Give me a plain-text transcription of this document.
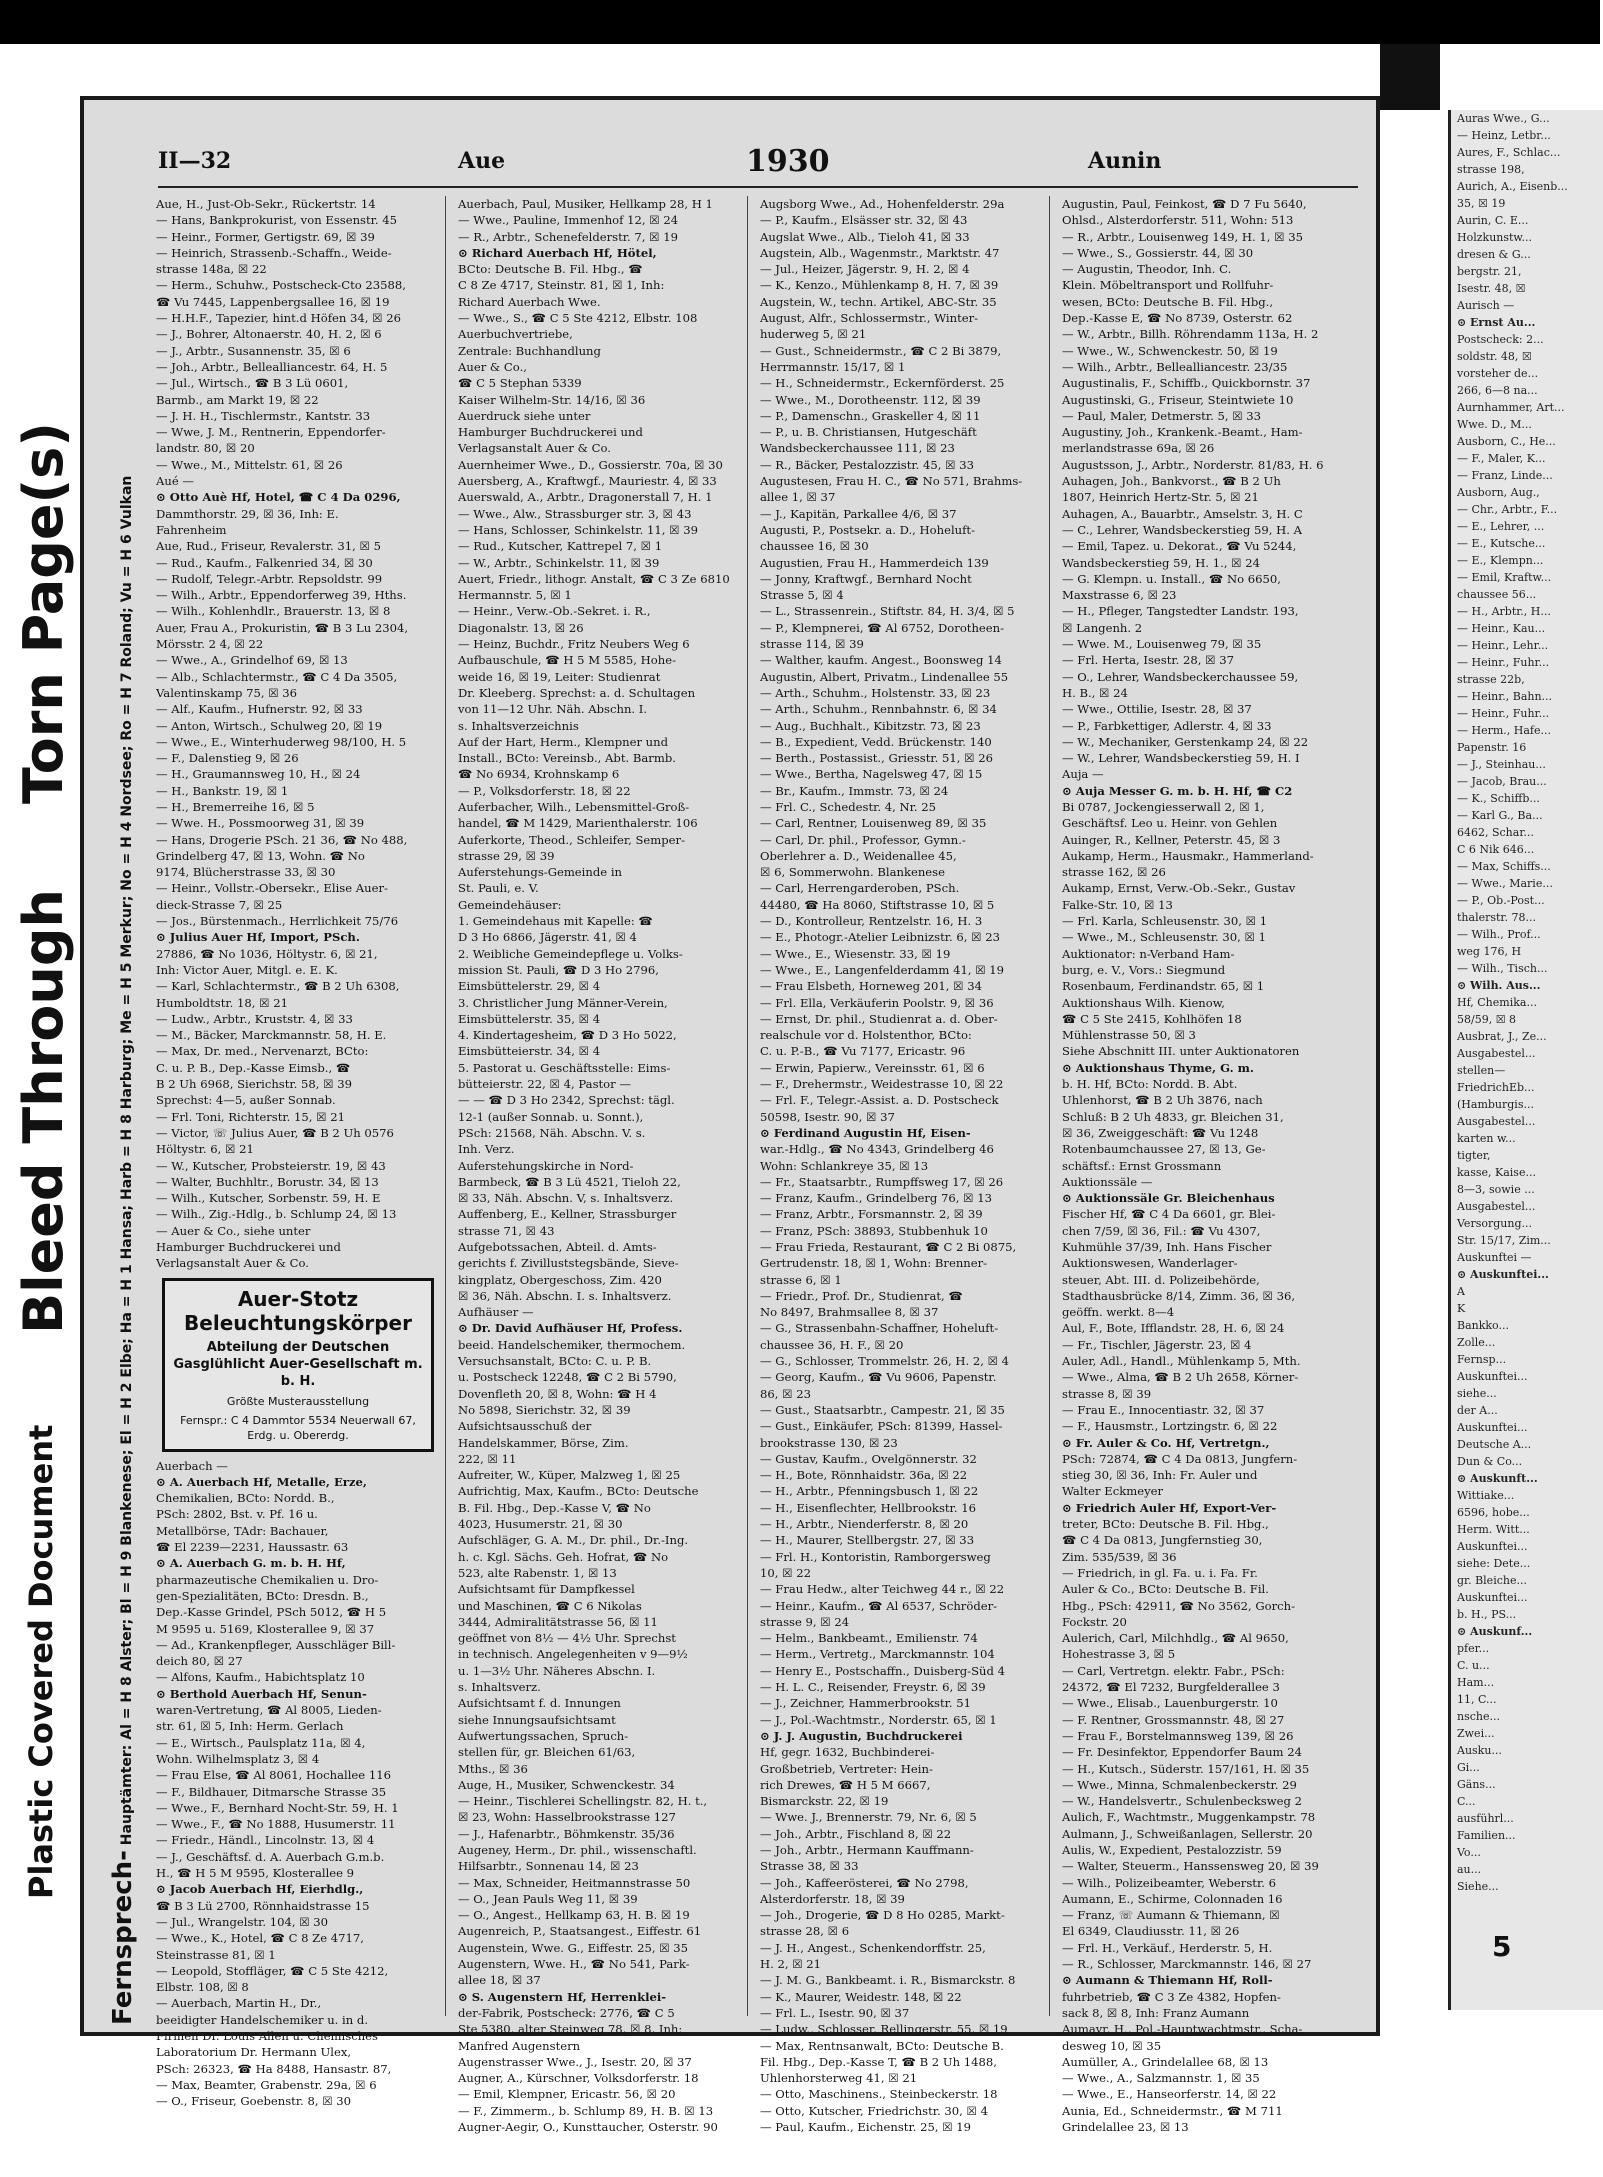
Torn Page(s)
Bleed Through
Plastic Covered Document
Fernsprech- Hauptämter: Al = H 8 Alster; Bl = H 9 Blankenese; El = H 2 Elbe; Ha = H 1 Hansa; Harb = H 8 Harburg; Me = H 5 Merkur; No = H 4 Nordsee; Ro = H 7 Roland; Vu = H 6 Vulkan
II—32	Aue	1930	Aunin
Aue, H., Just-Ob-Sekr., Rückertstr. 14
— Hans, Bankprokurist, von Essenstr. 45
— Heinr., Former, Gertigstr. 69, ☒ 39
— Heinrich, Strassenb.-Schaffn., Weide-
strasse 148a, ☒ 22
— Herm., Schuhw., Postscheck-Cto 23588,
☎ Vu 7445, Lappenbergsallee 16, ☒ 19
— H.H.F., Tapezier, hint.d Höfen 34, ☒ 26
— J., Bohrer, Altonaerstr. 40, H. 2, ☒ 6
— J., Arbtr., Susannenstr. 35, ☒ 6
— Joh., Arbtr., Bellealliancestr. 64, H. 5
— Jul., Wirtsch., ☎ B 3 Lü 0601,
Barmb., am Markt 19, ☒ 22
— J. H. H., Tischlermstr., Kantstr. 33
— Wwe, J. M., Rentnerin, Eppendorfer-
landstr. 80, ☒ 20
— Wwe., M., Mittelstr. 61, ☒ 26
Aué —
⊙ Otto Auè Hf, Hotel, ☎ C 4 Da 0296,
Dammthorstr. 29, ☒ 36, Inh: E.
Fahrenheim
Aue, Rud., Friseur, Revalerstr. 31, ☒ 5
— Rud., Kaufm., Falkenried 34, ☒ 30
— Rudolf, Telegr.-Arbtr. Repsoldstr. 99
— Wilh., Arbtr., Eppendorferweg 39, Hths.
— Wilh., Kohlenhdlr., Brauerstr. 13, ☒ 8
Auer, Frau A., Prokuristin, ☎ B 3 Lu 2304,
Mörsstr. 2 4, ☒ 22
— Wwe., A., Grindelhof 69, ☒ 13
— Alb., Schlachtermstr., ☎ C 4 Da 3505,
Valentinskamp 75, ☒ 36
— Alf., Kaufm., Hufnerstr. 92, ☒ 33
— Anton, Wirtsch., Schulweg 20, ☒ 19
— Wwe., E., Winterhuderweg 98/100, H. 5
— F., Dalenstieg 9, ☒ 26
— H., Graumannsweg 10, H., ☒ 24
— H., Bankstr. 19, ☒ 1
— H., Bremerreihe 16, ☒ 5
— Wwe. H., Possmoorweg 31, ☒ 39
— Hans, Drogerie PSch. 21 36, ☎ No 488,
Grindelberg 47, ☒ 13, Wohn. ☎ No
9174, Blücherstrasse 33, ☒ 30
— Heinr., Vollstr.-Obersekr., Elise Auer-
dieck-Strasse 7, ☒ 25
— Jos., Bürstenmach., Herrlichkeit 75/76
⊙ Julius Auer Hf, Import, PSch.
27886, ☎ No 1036, Höltystr. 6, ☒ 21,
Inh: Victor Auer, Mitgl. e. E. K.
— Karl, Schlachtermstr., ☎ B 2 Uh 6308,
Humboldtstr. 18, ☒ 21
— Ludw., Arbtr., Kruststr. 4, ☒ 33
— M., Bäcker, Marckmannstr. 58, H. E.
— Max, Dr. med., Nervenarzt, BCto:
C. u. P. B., Dep.-Kasse Eimsb., ☎
B 2 Uh 6968, Sierichstr. 58, ☒ 39
Sprechst: 4—5, außer Sonnab.
— Frl. Toni, Richterstr. 15, ☒ 21
— Victor, ☏ Julius Auer, ☎ B 2 Uh 0576
Höltystr. 6, ☒ 21
— W., Kutscher, Probsteierstr. 19, ☒ 43
— Walter, Buchhltr., Borustr. 34, ☒ 13
— Wilh., Kutscher, Sorbenstr. 59, H. E
— Wilh., Zig.-Hdlg., b. Schlump 24, ☒ 13
— Auer & Co., siehe unter
Hamburger Buchdruckerei und
Verlagsanstalt Auer & Co.
Auer-Stotz
Beleuchtungskörper
Abteilung der Deutschen Gasglühlicht Auer-Gesellschaft m. b. H.
Größte Musterausstellung
Fernspr.: C 4 Dammtor 5534 Neuerwall 67, Erdg. u. Obererdg.
Auerbach —
⊙ A. Auerbach Hf, Metalle, Erze,
Chemikalien, BCto: Nordd. B.,
PSch: 2802, Bst. v. Pf. 16 u.
Metallbörse, TAdr: Bachauer,
☎ El 2239—2231, Haussastr. 63
⊙ A. Auerbach G. m. b. H. Hf,
pharmazeutische Chemikalien u. Dro-
gen-Spezialitäten, BCto: Dresdn. B.,
Dep.-Kasse Grindel, PSch 5012, ☎ H 5
M 9595 u. 5169, Klosterallee 9, ☒ 37
— Ad., Krankenpfleger, Ausschläger Bill-
deich 80, ☒ 27
— Alfons, Kaufm., Habichtsplatz 10
⊙ Berthold Auerbach Hf, Senun-
waren-Vertretung, ☎ Al 8005, Lieden-
str. 61, ☒ 5, Inh: Herm. Gerlach
— E., Wirtsch., Paulsplatz 11a, ☒ 4,
Wohn. Wilhelmsplatz 3, ☒ 4
— Frau Else, ☎ Al 8061, Hochallee 116
— F., Bildhauer, Ditmarsche Strasse 35
— Wwe., F., Bernhard Nocht-Str. 59, H. 1
— Wwe., F., ☎ No 1888, Husumerstr. 11
— Friedr., Händl., Lincolnstr. 13, ☒ 4
— J., Geschäftsf. d. A. Auerbach G.m.b.
H., ☎ H 5 M 9595, Klosterallee 9
⊙ Jacob Auerbach Hf, Eierhdlg.,
☎ B 3 Lü 2700, Rönnhaidstrasse 15
— Jul., Wrangelstr. 104, ☒ 30
— Wwe., K., Hotel, ☎ C 8 Ze 4717,
Steinstrasse 81, ☒ 1
— Leopold, Stoffläger, ☎ C 5 Ste 4212,
Elbstr. 108, ☒ 8
— Auerbach, Martin H., Dr.,
beeidigter Handelschemiker u. in d.
Firmen Dr. Louis Allen u. Chemisches
Laboratorium Dr. Hermann Ulex,
PSch: 26323, ☎ Ha 8488, Hansastr. 87,
— Max, Beamter, Grabenstr. 29a, ☒ 6
— O., Friseur, Goebenstr. 8, ☒ 30
Auerbach, Paul, Musiker, Hellkamp 28, H 1
— Wwe., Pauline, Immenhof 12, ☒ 24
— R., Arbtr., Schenefelderstr. 7, ☒ 19
⊙ Richard Auerbach Hf, Hötel,
BCto: Deutsche B. Fil. Hbg., ☎
C 8 Ze 4717, Steinstr. 81, ☒ 1, Inh:
Richard Auerbach Wwe.
— Wwe., S., ☎ C 5 Ste 4212, Elbstr. 108
Auerbuchvertriebe,
Zentrale: Buchhandlung
Auer & Co.,
☎ C 5 Stephan 5339
Kaiser Wilhelm-Str. 14/16, ☒ 36
Auerdruck siehe unter
Hamburger Buchdruckerei und
Verlagsanstalt Auer & Co.
Auernheimer Wwe., D., Gossierstr. 70a, ☒ 30
Auersberg, A., Kraftwgf., Mauriestr. 4, ☒ 33
Auerswald, A., Arbtr., Dragonerstall 7, H. 1
— Wwe., Alw., Strassburger str. 3, ☒ 43
— Hans, Schlosser, Schinkelstr. 11, ☒ 39
— Rud., Kutscher, Kattrepel 7, ☒ 1
— W., Arbtr., Schinkelstr. 11, ☒ 39
Auert, Friedr., lithogr. Anstalt, ☎ C 3 Ze 6810
Hermannstr. 5, ☒ 1
— Heinr., Verw.-Ob.-Sekret. i. R.,
Diagonalstr. 13, ☒ 26
— Heinz, Buchdr., Fritz Neubers Weg 6
Aufbauschule, ☎ H 5 M 5585, Hohe-
weide 16, ☒ 19, Leiter: Studienrat
Dr. Kleeberg. Sprechst: a. d. Schultagen
von 11—12 Uhr. Näh. Abschn. I.
s. Inhaltsverzeichnis
Auf der Hart, Herm., Klempner und
Install., BCto: Vereinsb., Abt. Barmb.
☎ No 6934, Krohnskamp 6
— P., Volksdorferstr. 18, ☒ 22
Auferbacher, Wilh., Lebensmittel-Groß-
handel, ☎ M 1429, Marienthalerstr. 106
Auferkorte, Theod., Schleifer, Semper-
strasse 29, ☒ 39
Auferstehungs-Gemeinde in
St. Pauli, e. V.
Gemeindehäuser:
1. Gemeindehaus mit Kapelle: ☎
D 3 Ho 6866, Jägerstr. 41, ☒ 4
2. Weibliche Gemeindepflege u. Volks-
mission St. Pauli, ☎ D 3 Ho 2796,
Eimsbüttelerstr. 29, ☒ 4
3. Christlicher Jung Männer-Verein,
Eimsbüttelerstr. 35, ☒ 4
4. Kindertagesheim, ☎ D 3 Ho 5022,
Eimsbütteierstr. 34, ☒ 4
5. Pastorat u. Geschäftsstelle: Eims-
bütteierstr. 22, ☒ 4, Pastor —
— — ☎ D 3 Ho 2342, Sprechst: tägl.
12-1 (außer Sonnab. u. Sonnt.),
PSch: 21568, Näh. Abschn. V. s.
Inh. Verz.
Auferstehungskirche in Nord-
Barmbeck, ☎ B 3 Lü 4521, Tieloh 22,
☒ 33, Näh. Abschn. V, s. Inhaltsverz.
Auffenberg, E., Kellner, Strassburger
strasse 71, ☒ 43
Aufgebotssachen, Abteil. d. Amts-
gerichts f. Zivilluststegsbände, Sieve-
kingplatz, Obergeschoss, Zim. 420
☒ 36, Näh. Abschn. I. s. Inhaltsverz.
Aufhäuser —
⊙ Dr. David Aufhäuser Hf, Profess.
beeid. Handelschemiker, thermochem.
Versuchsanstalt, BCto: C. u. P. B.
u. Postscheck 12248, ☎ C 2 Bi 5790,
Dovenfleth 20, ☒ 8, Wohn: ☎ H 4
No 5898, Sierichstr. 32, ☒ 39
Aufsichtsausschuß der
Handelskammer, Börse, Zim.
222, ☒ 11
Aufreiter, W., Küper, Malzweg 1, ☒ 25
Aufrichtig, Max, Kaufm., BCto: Deutsche
B. Fil. Hbg., Dep.-Kasse V, ☎ No
4023, Husumerstr. 21, ☒ 30
Aufschläger, G. A. M., Dr. phil., Dr.-Ing.
h. c. Kgl. Sächs. Geh. Hofrat, ☎ No
523, alte Rabenstr. 1, ☒ 13
Aufsichtsamt für Dampfkessel
und Maschinen, ☎ C 6 Nikolas
3444, Admiralitätstrasse 56, ☒ 11
geöffnet von 8½ — 4½ Uhr. Sprechst
in technisch. Angelegenheiten v 9—9½
u. 1—3½ Uhr. Näheres Abschn. I.
s. Inhaltsverz.
Aufsichtsamt f. d. Innungen
siehe Innungsaufsichtsamt
Aufwertungssachen, Spruch-
stellen für, gr. Bleichen 61/63,
Mths., ☒ 36
Auge, H., Musiker, Schwenckestr. 34
— Heinr., Tischlerei Schellingstr. 82, H. t.,
☒ 23, Wohn: Hasselbrookstrasse 127
— J., Hafenarbtr., Böhmkenstr. 35/36
Augeney, Herm., Dr. phil., wissenschaftl.
Hilfsarbtr., Sonnenau 14, ☒ 23
— Max, Schneider, Heitmannstrasse 50
— O., Jean Pauls Weg 11, ☒ 39
— O., Angest., Hellkamp 63, H. B. ☒ 19
Augenreich, P., Staatsangest., Eiffestr. 61
Augenstein, Wwe. G., Eiffestr. 25, ☒ 35
Augenstern, Wwe. H., ☎ No 541, Park-
allee 18, ☒ 37
⊙ S. Augenstern Hf, Herrenklei-
der-Fabrik, Postscheck: 2776, ☎ C 5
Ste 5380, alter Steinweg 78, ☒ 8, Inh:
Manfred Augenstern
Augenstrasser Wwe., J., Isestr. 20, ☒ 37
Augner, A., Kürschner, Volksdorferstr. 18
— Emil, Klempner, Ericastr. 56, ☒ 20
— F., Zimmerm., b. Schlump 89, H. B. ☒ 13
Augner-Aegir, O., Kunsttaucher, Osterstr. 90
Augsborg Wwe., Ad., Hohenfelderstr. 29a
— P., Kaufm., Elsässer str. 32, ☒ 43
Augslat Wwe., Alb., Tieloh 41, ☒ 33
Augstein, Alb., Wagenmstr., Marktstr. 47
— Jul., Heizer, Jägerstr. 9, H. 2, ☒ 4
— K., Kenzo., Mühlenkamp 8, H. 7, ☒ 39
Augstein, W., techn. Artikel, ABC-Str. 35
August, Alfr., Schlossermstr., Winter-
huderweg 5, ☒ 21
— Gust., Schneidermstr., ☎ C 2 Bi 3879,
Herrmannstr. 15/17, ☒ 1
— H., Schneidermstr., Eckernförderst. 25
— Wwe., M., Dorotheenstr. 112, ☒ 39
— P., Damenschn., Graskeller 4, ☒ 11
— P., u. B. Christiansen, Hutgeschäft
Wandsbeckerchaussee 111, ☒ 23
— R., Bäcker, Pestalozzistr. 45, ☒ 33
Augustesen, Frau H. C., ☎ No 571, Brahms-
allee 1, ☒ 37
— J., Kapitän, Parkallee 4/6, ☒ 37
Augusti, P., Postsekr. a. D., Hoheluft-
chaussee 16, ☒ 30
Augustien, Frau H., Hammerdeich 139
— Jonny, Kraftwgf., Bernhard Nocht
Strasse 5, ☒ 4
— L., Strassenrein., Stiftstr. 84, H. 3/4, ☒ 5
— P., Klempnerei, ☎ Al 6752, Dorotheen-
strasse 114, ☒ 39
— Walther, kaufm. Angest., Boonsweg 14
Augustin, Albert, Privatm., Lindenallee 55
— Arth., Schuhm., Holstenstr. 33, ☒ 23
— Arth., Schuhm., Rennbahnstr. 6, ☒ 34
— Aug., Buchhalt., Kibitzstr. 73, ☒ 23
— B., Expedient, Vedd. Brückenstr. 140
— Berth., Postassist., Griesstr. 51, ☒ 26
— Wwe., Bertha, Nagelsweg 47, ☒ 15
— Br., Kaufm., Immstr. 73, ☒ 24
— Frl. C., Schedestr. 4, Nr. 25
— Carl, Rentner, Louisenweg 89, ☒ 35
— Carl, Dr. phil., Professor, Gymn.-
Oberlehrer a. D., Weidenallee 45,
☒ 6, Sommerwohn. Blankenese
— Carl, Herrengarderoben, PSch.
44480, ☎ Ha 8060, Stiftstrasse 10, ☒ 5
— D., Kontrolleur, Rentzelstr. 16, H. 3
— E., Photogr.-Atelier Leibnizstr. 6, ☒ 23
— Wwe., E., Wiesenstr. 33, ☒ 19
— Wwe., E., Langenfelderdamm 41, ☒ 19
— Frau Elsbeth, Horneweg 201, ☒ 34
— Frl. Ella, Verkäuferin Poolstr. 9, ☒ 36
— Ernst, Dr. phil., Studienrat a. d. Ober-
realschule vor d. Holstenthor, BCto:
C. u. P.-B., ☎ Vu 7177, Ericastr. 96
— Erwin, Papierw., Vereinsstr. 61, ☒ 6
— F., Drehermstr., Weidestrasse 10, ☒ 22
— Frl. F., Telegr.-Assist. a. D. Postscheck
50598, Isestr. 90, ☒ 37
⊙ Ferdinand Augustin Hf, Eisen-
war.-Hdlg., ☎ No 4343, Grindelberg 46
Wohn: Schlankreye 35, ☒ 13
— Fr., Staatsarbtr., Rumpffsweg 17, ☒ 26
— Franz, Kaufm., Grindelberg 76, ☒ 13
— Franz, Arbtr., Forsmannstr. 2, ☒ 39
— Franz, PSch: 38893, Stubbenhuk 10
— Frau Frieda, Restaurant, ☎ C 2 Bi 0875,
Gertrudenstr. 18, ☒ 1, Wohn: Brenner-
strasse 6, ☒ 1
— Friedr., Prof. Dr., Studienrat, ☎
No 8497, Brahmsallee 8, ☒ 37
— G., Strassenbahn-Schaffner, Hoheluft-
chaussee 36, H. F., ☒ 20
— G., Schlosser, Trommelstr. 26, H. 2, ☒ 4
— Georg, Kaufm., ☎ Vu 9606, Papenstr.
86, ☒ 23
— Gust., Staatsarbtr., Campestr. 21, ☒ 35
— Gust., Einkäufer, PSch: 81399, Hassel-
brookstrasse 130, ☒ 23
— Gustav, Kaufm., Ovelgönnerstr. 32
— H., Bote, Rönnhaidstr. 36a, ☒ 22
— H., Arbtr., Pfenningsbusch 1, ☒ 22
— H., Eisenflechter, Hellbrookstr. 16
— H., Arbtr., Nienderferstr. 8, ☒ 20
— H., Maurer, Stellbergstr. 27, ☒ 33
— Frl. H., Kontoristin, Ramborgersweg
10, ☒ 22
— Frau Hedw., alter Teichweg 44 r., ☒ 22
— Heinr., Kaufm., ☎ Al 6537, Schröder-
strasse 9, ☒ 24
— Helm., Bankbeamt., Emilienstr. 74
— Herm., Vertretg., Marckmannstr. 104
— Henry E., Postschaffn., Duisberg-Süd 4
— H. L. C., Reisender, Freystr. 6, ☒ 39
— J., Zeichner, Hammerbrookstr. 51
— J., Pol.-Wachtmstr., Norderstr. 65, ☒ 1
⊙ J. J. Augustin, Buchdruckerei
Hf, gegr. 1632, Buchbinderei-
Großbetrieb, Vertreter: Hein-
rich Drewes, ☎ H 5 M 6667,
Bismarckstr. 22, ☒ 19
— Wwe. J., Brennerstr. 79, Nr. 6, ☒ 5
— Joh., Arbtr., Fischland 8, ☒ 22
— Joh., Arbtr., Hermann Kauffmann-
Strasse 38, ☒ 33
— Joh., Kaffeerösterei, ☎ No 2798,
Alsterdorferstr. 18, ☒ 39
— Joh., Drogerie, ☎ D 8 Ho 0285, Markt-
strasse 28, ☒ 6
— J. H., Angest., Schenkendorffstr. 25,
H. 2, ☒ 21
— J. M. G., Bankbeamt. i. R., Bismarckstr. 8
— K., Maurer, Weidestr. 148, ☒ 22
— Frl. L., Isestr. 90, ☒ 37
— Ludw., Schlosser, Rellingerstr. 55, ☒ 19
— Max, Rentnsanwalt, BCto: Deutsche B.
Fil. Hbg., Dep.-Kasse T, ☎ B 2 Uh 1488,
Uhlenhorsterweg 41, ☒ 21
— Otto, Maschinens., Steinbeckerstr. 18
— Otto, Kutscher, Friedrichstr. 30, ☒ 4
— Paul, Kaufm., Eichenstr. 25, ☒ 19
Augustin, Paul, Feinkost, ☎ D 7 Fu 5640,
Ohlsd., Alsterdorferstr. 511, Wohn: 513
— R., Arbtr., Louisenweg 149, H. 1, ☒ 35
— Wwe., S., Gossierstr. 44, ☒ 30
— Augustin, Theodor, Inh. C.
Klein. Möbeltransport und Rollfuhr-
wesen, BCto: Deutsche B. Fil. Hbg.,
Dep.-Kasse E, ☎ No 8739, Osterstr. 62
— W., Arbtr., Billh. Röhrendamm 113a, H. 2
— Wwe., W., Schwenckestr. 50, ☒ 19
— Wilh., Arbtr., Bellealliancestr. 23/35
Augustinalis, F., Schiffb., Quickbornstr. 37
Augustinski, G., Friseur, Steintwiete 10
— Paul, Maler, Detmerstr. 5, ☒ 33
Augustiny, Joh., Krankenk.-Beamt., Ham-
merlandstrasse 69a, ☒ 26
Augustsson, J., Arbtr., Norderstr. 81/83, H. 6
Auhagen, Joh., Bankvorst., ☎ B 2 Uh
1807, Heinrich Hertz-Str. 5, ☒ 21
Auhagen, A., Bauarbtr., Amselstr. 3, H. C
— C., Lehrer, Wandsbeckerstieg 59, H. A
— Emil, Tapez. u. Dekorat., ☎ Vu 5244,
Wandsbeckerstieg 59, H. 1., ☒ 24
— G. Klempn. u. Install., ☎ No 6650,
Maxstrasse 6, ☒ 23
— H., Pfleger, Tangstedter Landstr. 193,
☒ Langenh. 2
— Wwe. M., Louisenweg 79, ☒ 35
— Frl. Herta, Isestr. 28, ☒ 37
— O., Lehrer, Wandsbeckerchaussee 59,
H. B., ☒ 24
— Wwe., Ottilie, Isestr. 28, ☒ 37
— P., Farbkettiger, Adlerstr. 4, ☒ 33
— W., Mechaniker, Gerstenkamp 24, ☒ 22
— W., Lehrer, Wandsbeckerstieg 59, H. I
Auja —
⊙ Auja Messer G. m. b. H. Hf, ☎ C2
Bi 0787, Jockengiesserwall 2, ☒ 1,
Geschäftsf. Leo u. Heinr. von Gehlen
Auinger, R., Kellner, Peterstr. 45, ☒ 3
Aukamp, Herm., Hausmakr., Hammerland-
strasse 162, ☒ 26
Aukamp, Ernst, Verw.-Ob.-Sekr., Gustav
Falke-Str. 10, ☒ 13
— Frl. Karla, Schleusenstr. 30, ☒ 1
— Wwe., M., Schleusenstr. 30, ☒ 1
Auktionator: n-Verband Ham-
burg, e. V., Vors.: Siegmund
Rosenbaum, Ferdinandstr. 65, ☒ 1
Auktionshaus Wilh. Kienow,
☎ C 5 Ste 2415, Kohlhöfen 18
Mühlenstrasse 50, ☒ 3
Siehe Abschnitt III. unter Auktionatoren
⊙ Auktionshaus Thyme, G. m.
b. H. Hf, BCto: Nordd. B. Abt.
Uhlenhorst, ☎ B 2 Uh 3876, nach
Schluß: B 2 Uh 4833, gr. Bleichen 31,
☒ 36, Zweiggeschäft: ☎ Vu 1248
Rotenbaumchaussee 27, ☒ 13, Ge-
schäftsf.: Ernst Grossmann
Auktionssäle —
⊙ Auktionssäle Gr. Bleichenhaus
Fischer Hf, ☎ C 4 Da 6601, gr. Blei-
chen 7/59, ☒ 36, Fil.: ☎ Vu 4307,
Kuhmühle 37/39, Inh. Hans Fischer
Auktionswesen, Wanderlager-
steuer, Abt. III. d. Polizeibehörde,
Stadthausbrücke 8/14, Zimm. 36, ☒ 36,
geöffn. werkt. 8—4
Aul, F., Bote, Ifflandstr. 28, H. 6, ☒ 24
— Fr., Tischler, Jägerstr. 23, ☒ 4
Auler, Adl., Handl., Mühlenkamp 5, Mth.
— Wwe., Alma, ☎ B 2 Uh 2658, Körner-
strasse 8, ☒ 39
— Frau E., Innocentiastr. 32, ☒ 37
— F., Hausmstr., Lortzingstr. 6, ☒ 22
⊙ Fr. Auler & Co. Hf, Vertretgn.,
PSch: 72874, ☎ C 4 Da 0813, Jungfern-
stieg 30, ☒ 36, Inh: Fr. Auler und
Walter Eckmeyer
⊙ Friedrich Auler Hf, Export-Ver-
treter, BCto: Deutsche B. Fil. Hbg.,
☎ C 4 Da 0813, Jungfernstieg 30,
Zim. 535/539, ☒ 36
— Friedrich, in gl. Fa. u. i. Fa. Fr.
Auler & Co., BCto: Deutsche B. Fil.
Hbg., PSch: 42911, ☎ No 3562, Gorch-
Fockstr. 20
Aulerich, Carl, Milchhdlg., ☎ Al 9650,
Hohestrasse 3, ☒ 5
— Carl, Vertretgn. elektr. Fabr., PSch:
24372, ☎ El 7232, Burgfelderallee 3
— Wwe., Elisab., Lauenburgerstr. 10
— F. Rentner, Grossmannstr. 48, ☒ 27
— Frau F., Borstelmannsweg 139, ☒ 26
— Fr. Desinfektor, Eppendorfer Baum 24
— H., Kutsch., Süderstr. 157/161, H. ☒ 35
— Wwe., Minna, Schmalenbeckerstr. 29
— W., Handelsvertr., Schulenbecksweg 2
Aulich, F., Wachtmstr., Muggenkampstr. 78
Aulmann, J., Schweißanlagen, Sellerstr. 20
Aulis, W., Expedient, Pestalozzistr. 59
— Walter, Steuerm., Hanssensweg 20, ☒ 39
— Wilh., Polizeibeamter, Weberstr. 6
Aumann, E., Schirme, Colonnaden 16
— Franz, ☏ Aumann & Thiemann, ☒
El 6349, Claudiusstr. 11, ☒ 26
— Frl. H., Verkäuf., Herderstr. 5, H.
— R., Schlosser, Marckmannstr. 146, ☒ 27
⊙ Aumann & Thiemann Hf, Roll-
fuhrbetrieb, ☎ C 3 Ze 4382, Hopfen-
sack 8, ☒ 8, Inh: Franz Aumann
Aumayr, H., Pol.-Hauptwachtmstr., Scha-
desweg 10, ☒ 35
Aumüller, A., Grindelallee 68, ☒ 13
— Wwe., A., Salzmannstr. 1, ☒ 35
— Wwe., E., Hanseorferstr. 14, ☒ 22
Aunia, Ed., Schneidermstr., ☎ M 711
Grindelallee 23, ☒ 13
Auras Wwe., G...
— Heinz, Letbr...
Aures, F., Schlac...
strasse 198,
Aurich, A., Eisenb...
35, ☒ 19
Aurin, C. E...
Holzkunstw...
dresen & G...
bergstr. 21,
Isestr. 48, ☒
Aurisch —
⊙ Ernst Au...
Postscheck: 2...
soldstr. 48, ☒
vorsteher de...
266, 6—8 na...
Aurnhammer, Art...
Wwe. D., M...
Ausborn, C., He...
— F., Maler, K...
— Franz, Linde...
Ausborn, Aug.,
— Chr., Arbtr., F...
— E., Lehrer, ...
— E., Kutsche...
— E., Klempn...
— Emil, Kraftw...
chaussee 56...
— H., Arbtr., H...
— Heinr., Kau...
— Heinr., Lehr...
— Heinr., Fuhr...
strasse 22b,
— Heinr., Bahn...
— Heinr., Fuhr...
— Herm., Hafe...
Papenstr. 16
— J., Steinhau...
— Jacob, Brau...
— K., Schiffb...
— Karl G., Ba...
6462, Schar...
C 6 Nik 646...
— Max, Schiffs...
— Wwe., Marie...
— P., Ob.-Post...
thalerstr. 78...
— Wilh., Prof...
weg 176, H
— Wilh., Tisch...
⊙ Wilh. Aus...
Hf, Chemika...
58/59, ☒ 8
Ausbrat, J., Ze...
Ausgabestel...
stellen—
FriedrichEb...
(Hamburgis...
Ausgabestel...
karten w...
tigter,
kasse, Kaise...
8—3, sowie ...
Ausgabestel...
Versorgung...
Str. 15/17, Zim...
Auskunftei —
⊙ Auskunftei...
A
K
Bankko...
Zolle...
Fernsp...
Auskunftei...
siehe...
der A...
Auskunftei...
Deutsche A...
Dun & Co...
⊙ Auskunft...
Wittiake...
6596, hobe...
Herm. Witt...
Auskunftei...
siehe: Dete...
gr. Bleiche...
Auskunftei...
b. H., PS...
⊙ Auskunf...
pfer...
C. u...
Ham...
11, C...
nsche...
Zwei...
Ausku...
Gi...
Gäns...
C...
ausführl...
Familien...
Vo...
au...
Siehe...
5
